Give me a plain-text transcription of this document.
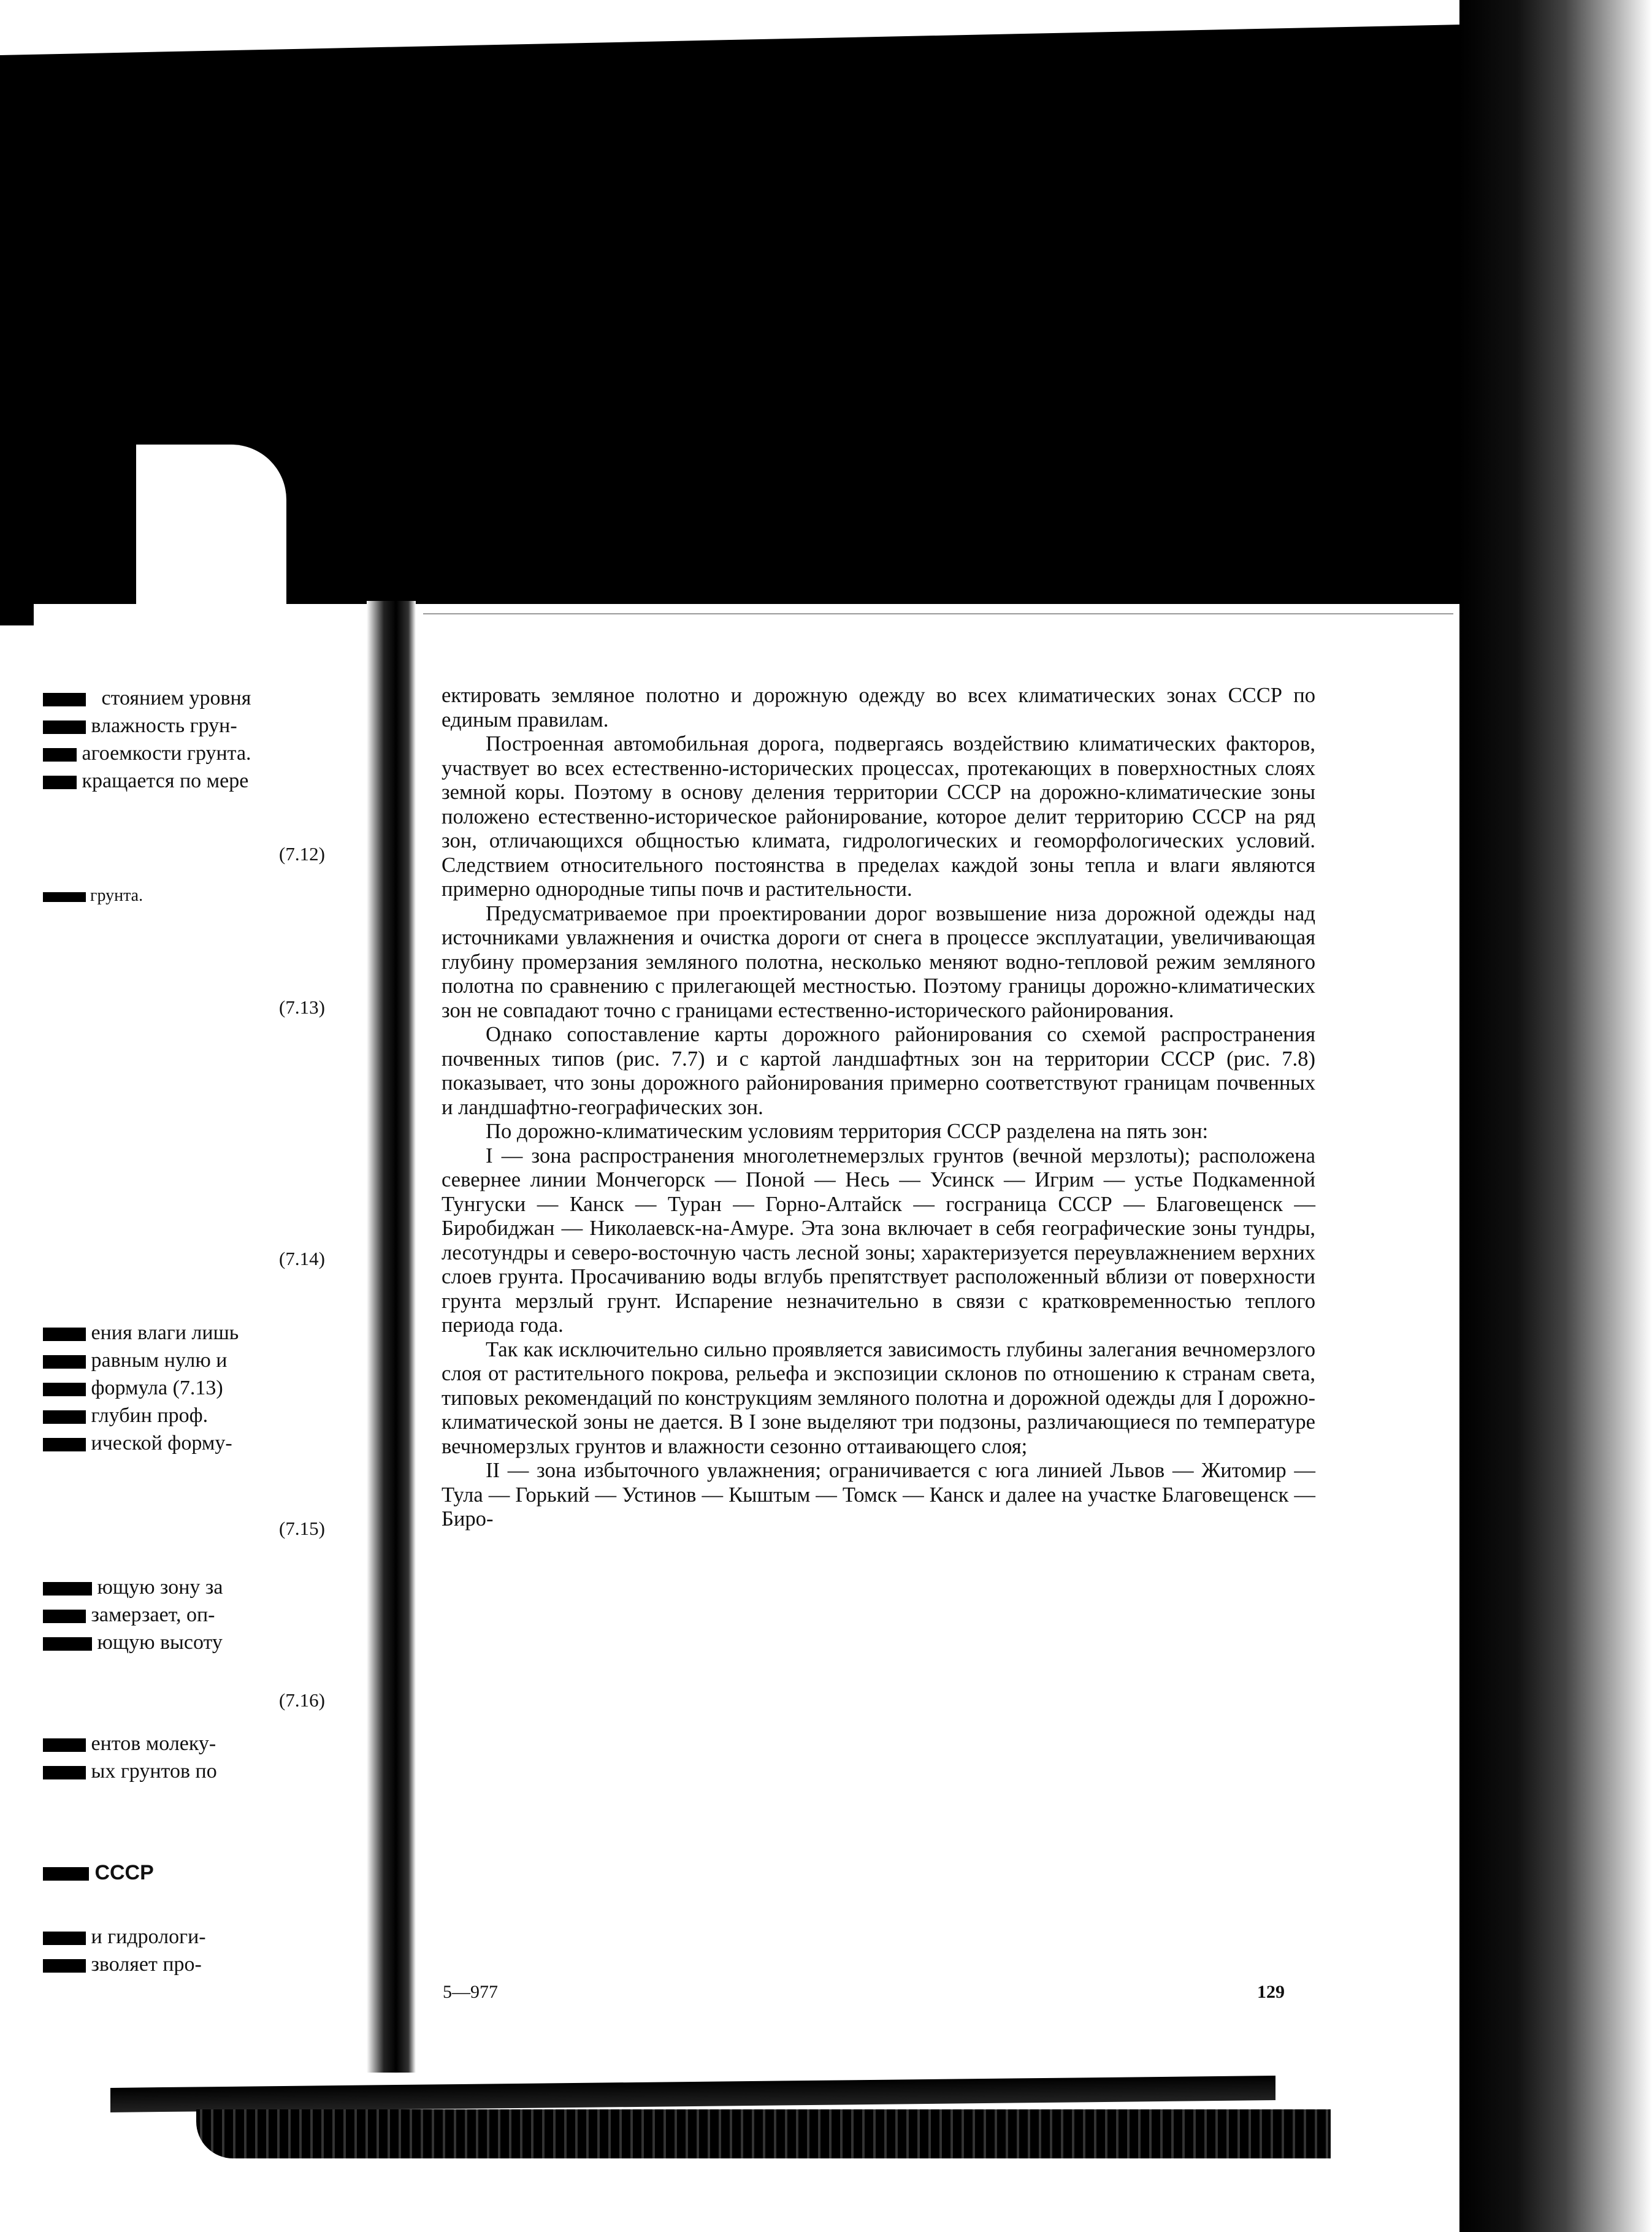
стоянием уровня
влажность грун-
агоемкости грунта.
кращается по мере
(7.12)
грунта.
(7.13)
(7.14)
ения влаги лишь
равным нулю и
формула (7.13)
глубин проф.
ической форму-
(7.15)
ющую зону за
замерзает, оп-
ющую высоту
(7.16)
ентов молеку-
ых грунтов по
СССР
и гидрологи-
зволяет про-

ектировать земляное полотно и дорожную одежду во всех климатических зонах СССР по единым правилам.

Построенная автомобильная дорога, подвергаясь воздействию климатических факторов, участвует во всех естественно-исторических процессах, протекающих в поверхностных слоях земной коры. Поэтому в основу деления территории СССР на дорожно-климатические зоны положено естественно-историческое районирование, которое делит территорию СССР на ряд зон, отличающихся общностью климата, гидрологических и геоморфологических условий. Следствием относительного постоянства в пределах каждой зоны тепла и влаги являются примерно однородные типы почв и растительности.

Предусматриваемое при проектировании дорог возвышение низа дорожной одежды над источниками увлажнения и очистка дороги от снега в процессе эксплуатации, увеличивающая глубину промерзания земляного полотна, несколько меняют водно-тепловой режим земляного полотна по сравнению с прилегающей местностью. Поэтому границы дорожно-климатических зон не совпадают точно с границами естественно-исторического районирования.

Однако сопоставление карты дорожного районирования со схемой распространения почвенных типов (рис. 7.7) и с картой ландшафтных зон на территории СССР (рис. 7.8) показывает, что зоны дорожного районирования примерно соответствуют границам почвенных и ландшафтно-географических зон.

По дорожно-климатическим условиям территория СССР разделена на пять зон:

I — зона распространения многолетнемерзлых грунтов (вечной мерзлоты); расположена севернее линии Мончегорск — Поной — Несь — Усинск — Игрим — устье Подкаменной Тунгуски — Канск — Туран — Горно-Алтайск — госграница СССР — Благовещенск — Биробиджан — Николаевск-на-Амуре. Эта зона включает в себя географические зоны тундры, лесотундры и северо-восточную часть лесной зоны; характеризуется переувлажнением верхних слоев грунта. Просачиванию воды вглубь препятствует расположенный вблизи от поверхности грунта мерзлый грунт. Испарение незначительно в связи с кратковременностью теплого периода года.

Так как исключительно сильно проявляется зависимость глубины залегания вечномерзлого слоя от растительного покрова, рельефа и экспозиции склонов по отношению к странам света, типовых рекомендаций по конструкциям земляного полотна и дорожной одежды для I дорожно-климатической зоны не дается. В I зоне выделяют три подзоны, различающиеся по температуре вечномерзлых грунтов и влажности сезонно оттаивающего слоя;

II — зона избыточного увлажнения; ограничивается с юга линией Львов — Житомир — Тула — Горький — Устинов — Кыштым — Томск — Канск и далее на участке Благовещенск — Биро-

5—977	129
